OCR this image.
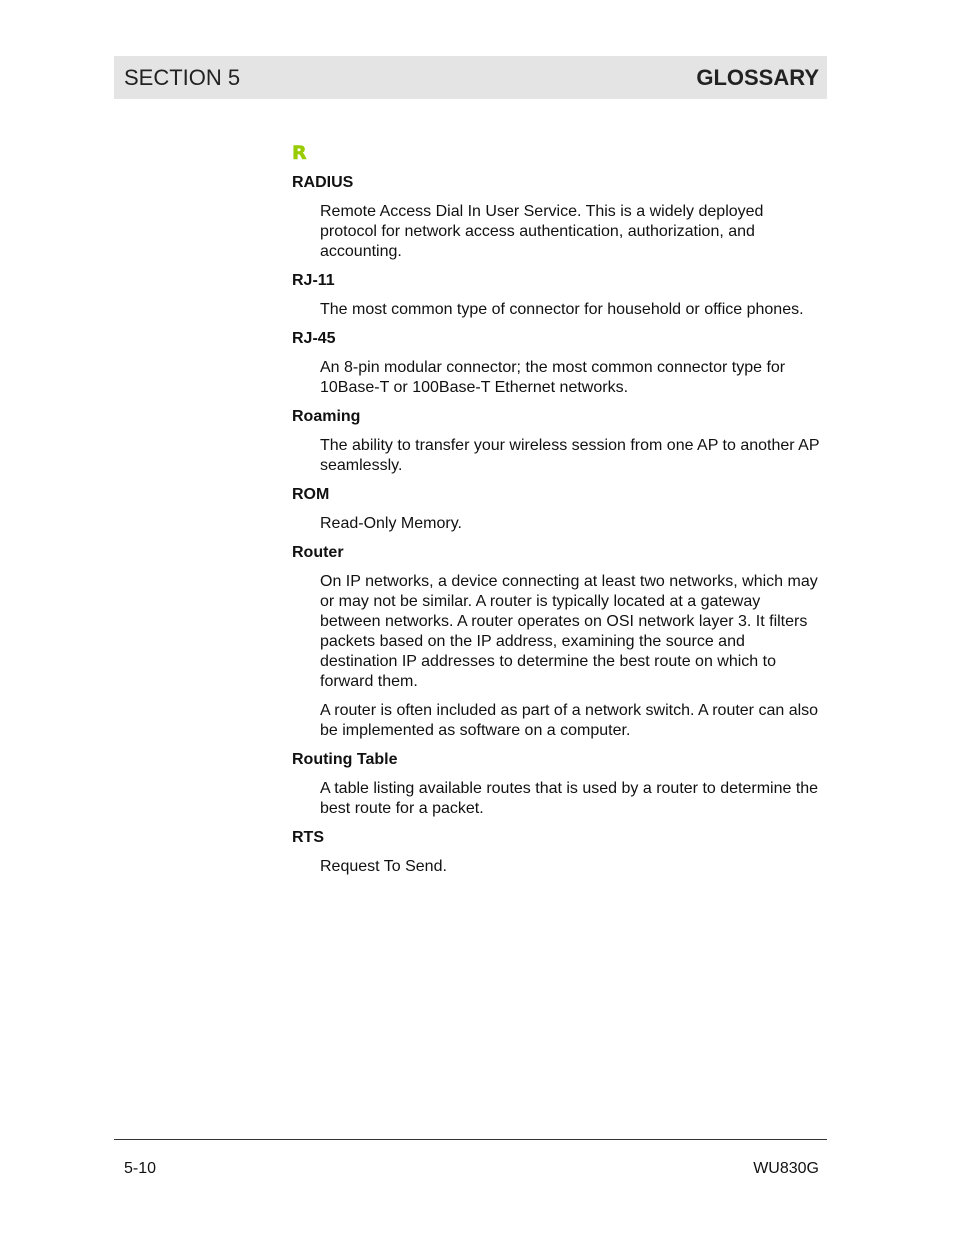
SECTION 5	GLOSSARY
R
RADIUS
Remote Access Dial In User Service. This is a widely deployed protocol for network access authentication, authorization, and accounting.
RJ-11
The most common type of connector for household or office phones.
RJ-45
An 8-pin modular connector; the most common connector type for 10Base-T or 100Base-T Ethernet networks.
Roaming
The ability to transfer your wireless session from one AP to another AP seamlessly.
ROM
Read-Only Memory.
Router
On IP networks, a device connecting at least two networks, which may or may not be similar. A router is typically located at a gateway between networks. A router operates on OSI network layer 3. It filters packets based on the IP address, examining the source and destination IP addresses to determine the best route on which to forward them.
A router is often included as part of a network switch. A router can also be implemented as software on a computer.
Routing Table
A table listing available routes that is used by a router to determine the best route for a packet.
RTS
Request To Send.
5-10	WU830G
